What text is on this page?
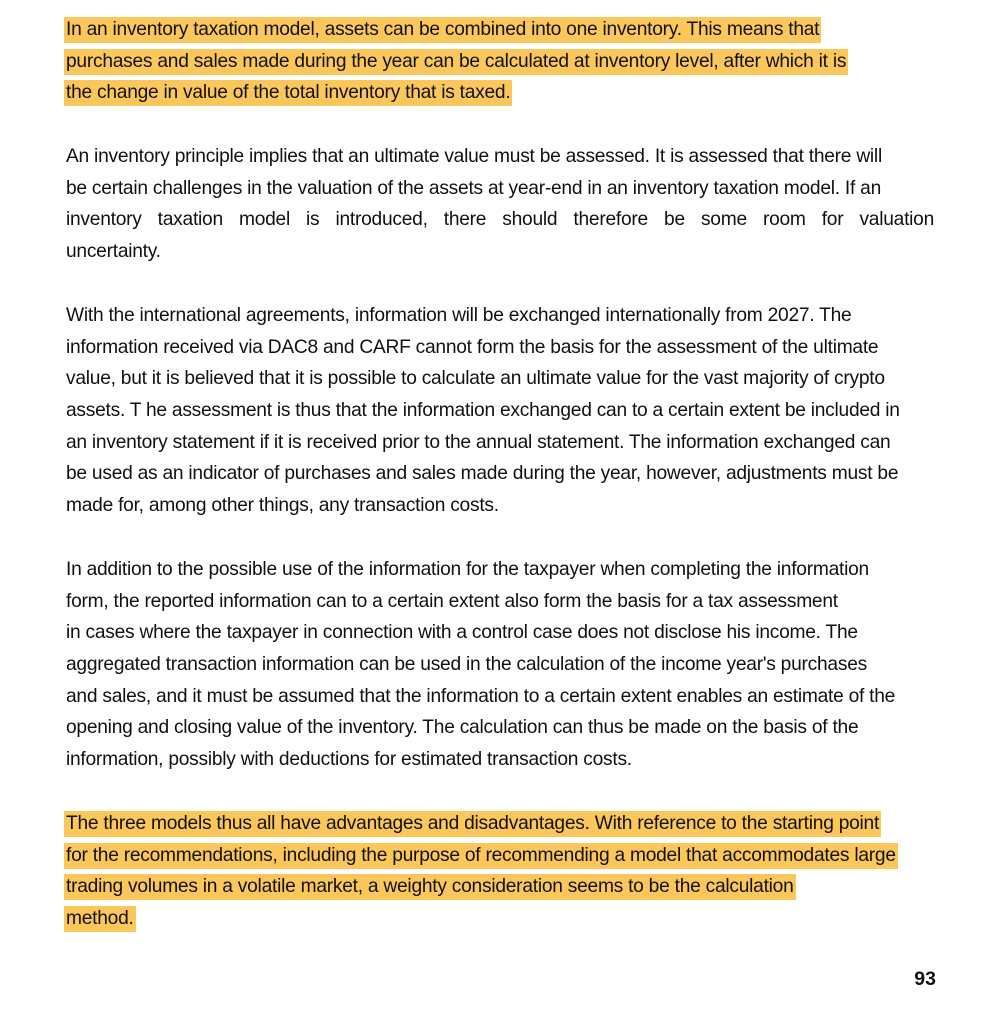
In an inventory taxation model, assets can be combined into one inventory. This means that
purchases and sales made during the year can be calculated at inventory level, after which it is
the change in value of the total inventory that is taxed.
An inventory principle implies that an ultimate value must be assessed. It is assessed that there will
be certain challenges in the valuation of the assets at year-end in an inventory taxation model. If an
inventory taxation model is introduced, there should therefore be some room for valuation
uncertainty.
With the international agreements, information will be exchanged internationally from 2027. The
information received via DAC8 and CARF cannot form the basis for the assessment of the ultimate
value, but it is believed that it is possible to calculate an ultimate value for the vast majority of crypto
assets. T he assessment is thus that the information exchanged can to a certain extent be included in
an inventory statement if it is received prior to the annual statement. The information exchanged can
be used as an indicator of purchases and sales made during the year, however, adjustments must be
made for, among other things, any transaction costs.
In addition to the possible use of the information for the taxpayer when completing the information
form, the reported information can to a certain extent also form the basis for a tax assessment
in cases where the taxpayer in connection with a control case does not disclose his income. The
aggregated transaction information can be used in the calculation of the income year's purchases
and sales, and it must be assumed that the information to a certain extent enables an estimate of the
opening and closing value of the inventory. The calculation can thus be made on the basis of the
information, possibly with deductions for estimated transaction costs.
The three models thus all have advantages and disadvantages. With reference to the starting point
for the recommendations, including the purpose of recommending a model that accommodates large
trading volumes in a volatile market, a weighty consideration seems to be the calculation
method.
93
